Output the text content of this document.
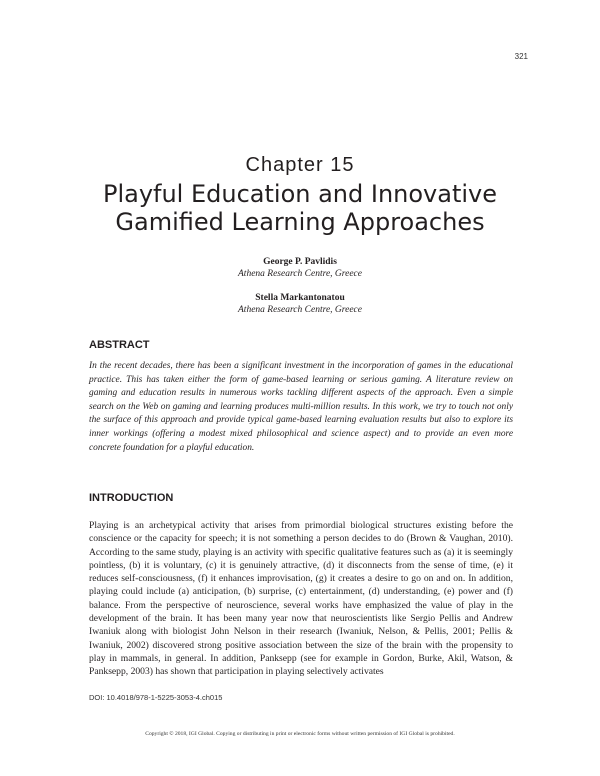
321
Chapter 15
Playful Education and Innovative
Gamified Learning Approaches
George P. Pavlidis
Athena Research Centre, Greece
Stella Markantonatou
Athena Research Centre, Greece
ABSTRACT
In the recent decades, there has been a significant investment in the incorporation of games in the educational practice. This has taken either the form of game-based learning or serious gaming. A literature review on gaming and education results in numerous works tackling different aspects of the approach. Even a simple search on the Web on gaming and learning produces multi-million results. In this work, we try to touch not only the surface of this approach and provide typical game-based learning evaluation results but also to explore its inner workings (offering a modest mixed philosophical and science aspect) and to provide an even more concrete foundation for a playful education.
INTRODUCTION
Playing is an archetypical activity that arises from primordial biological structures existing before the conscience or the capacity for speech; it is not something a person decides to do (Brown & Vaughan, 2010). According to the same study, playing is an activity with specific qualitative features such as (a) it is seemingly pointless, (b) it is voluntary, (c) it is genuinely attractive, (d) it disconnects from the sense of time, (e) it reduces self-consciousness, (f) it enhances improvisation, (g) it creates a desire to go on and on. In addition, playing could include (a) anticipation, (b) surprise, (c) entertainment, (d) understanding, (e) power and (f) balance. From the perspective of neuroscience, several works have emphasized the value of play in the development of the brain. It has been many year now that neuroscientists like Sergio Pellis and Andrew Iwaniuk along with biologist John Nelson in their research (Iwaniuk, Nelson, & Pellis, 2001; Pellis & Iwaniuk, 2002) discovered strong positive association between the size of the brain with the propensity to play in mammals, in general. In addition, Panksepp (see for example in Gordon, Burke, Akil, Watson, & Panksepp, 2003) has shown that participation in playing selectively activates
DOI: 10.4018/978-1-5225-3053-4.ch015
Copyright © 2018, IGI Global. Copying or distributing in print or electronic forms without written permission of IGI Global is prohibited.
